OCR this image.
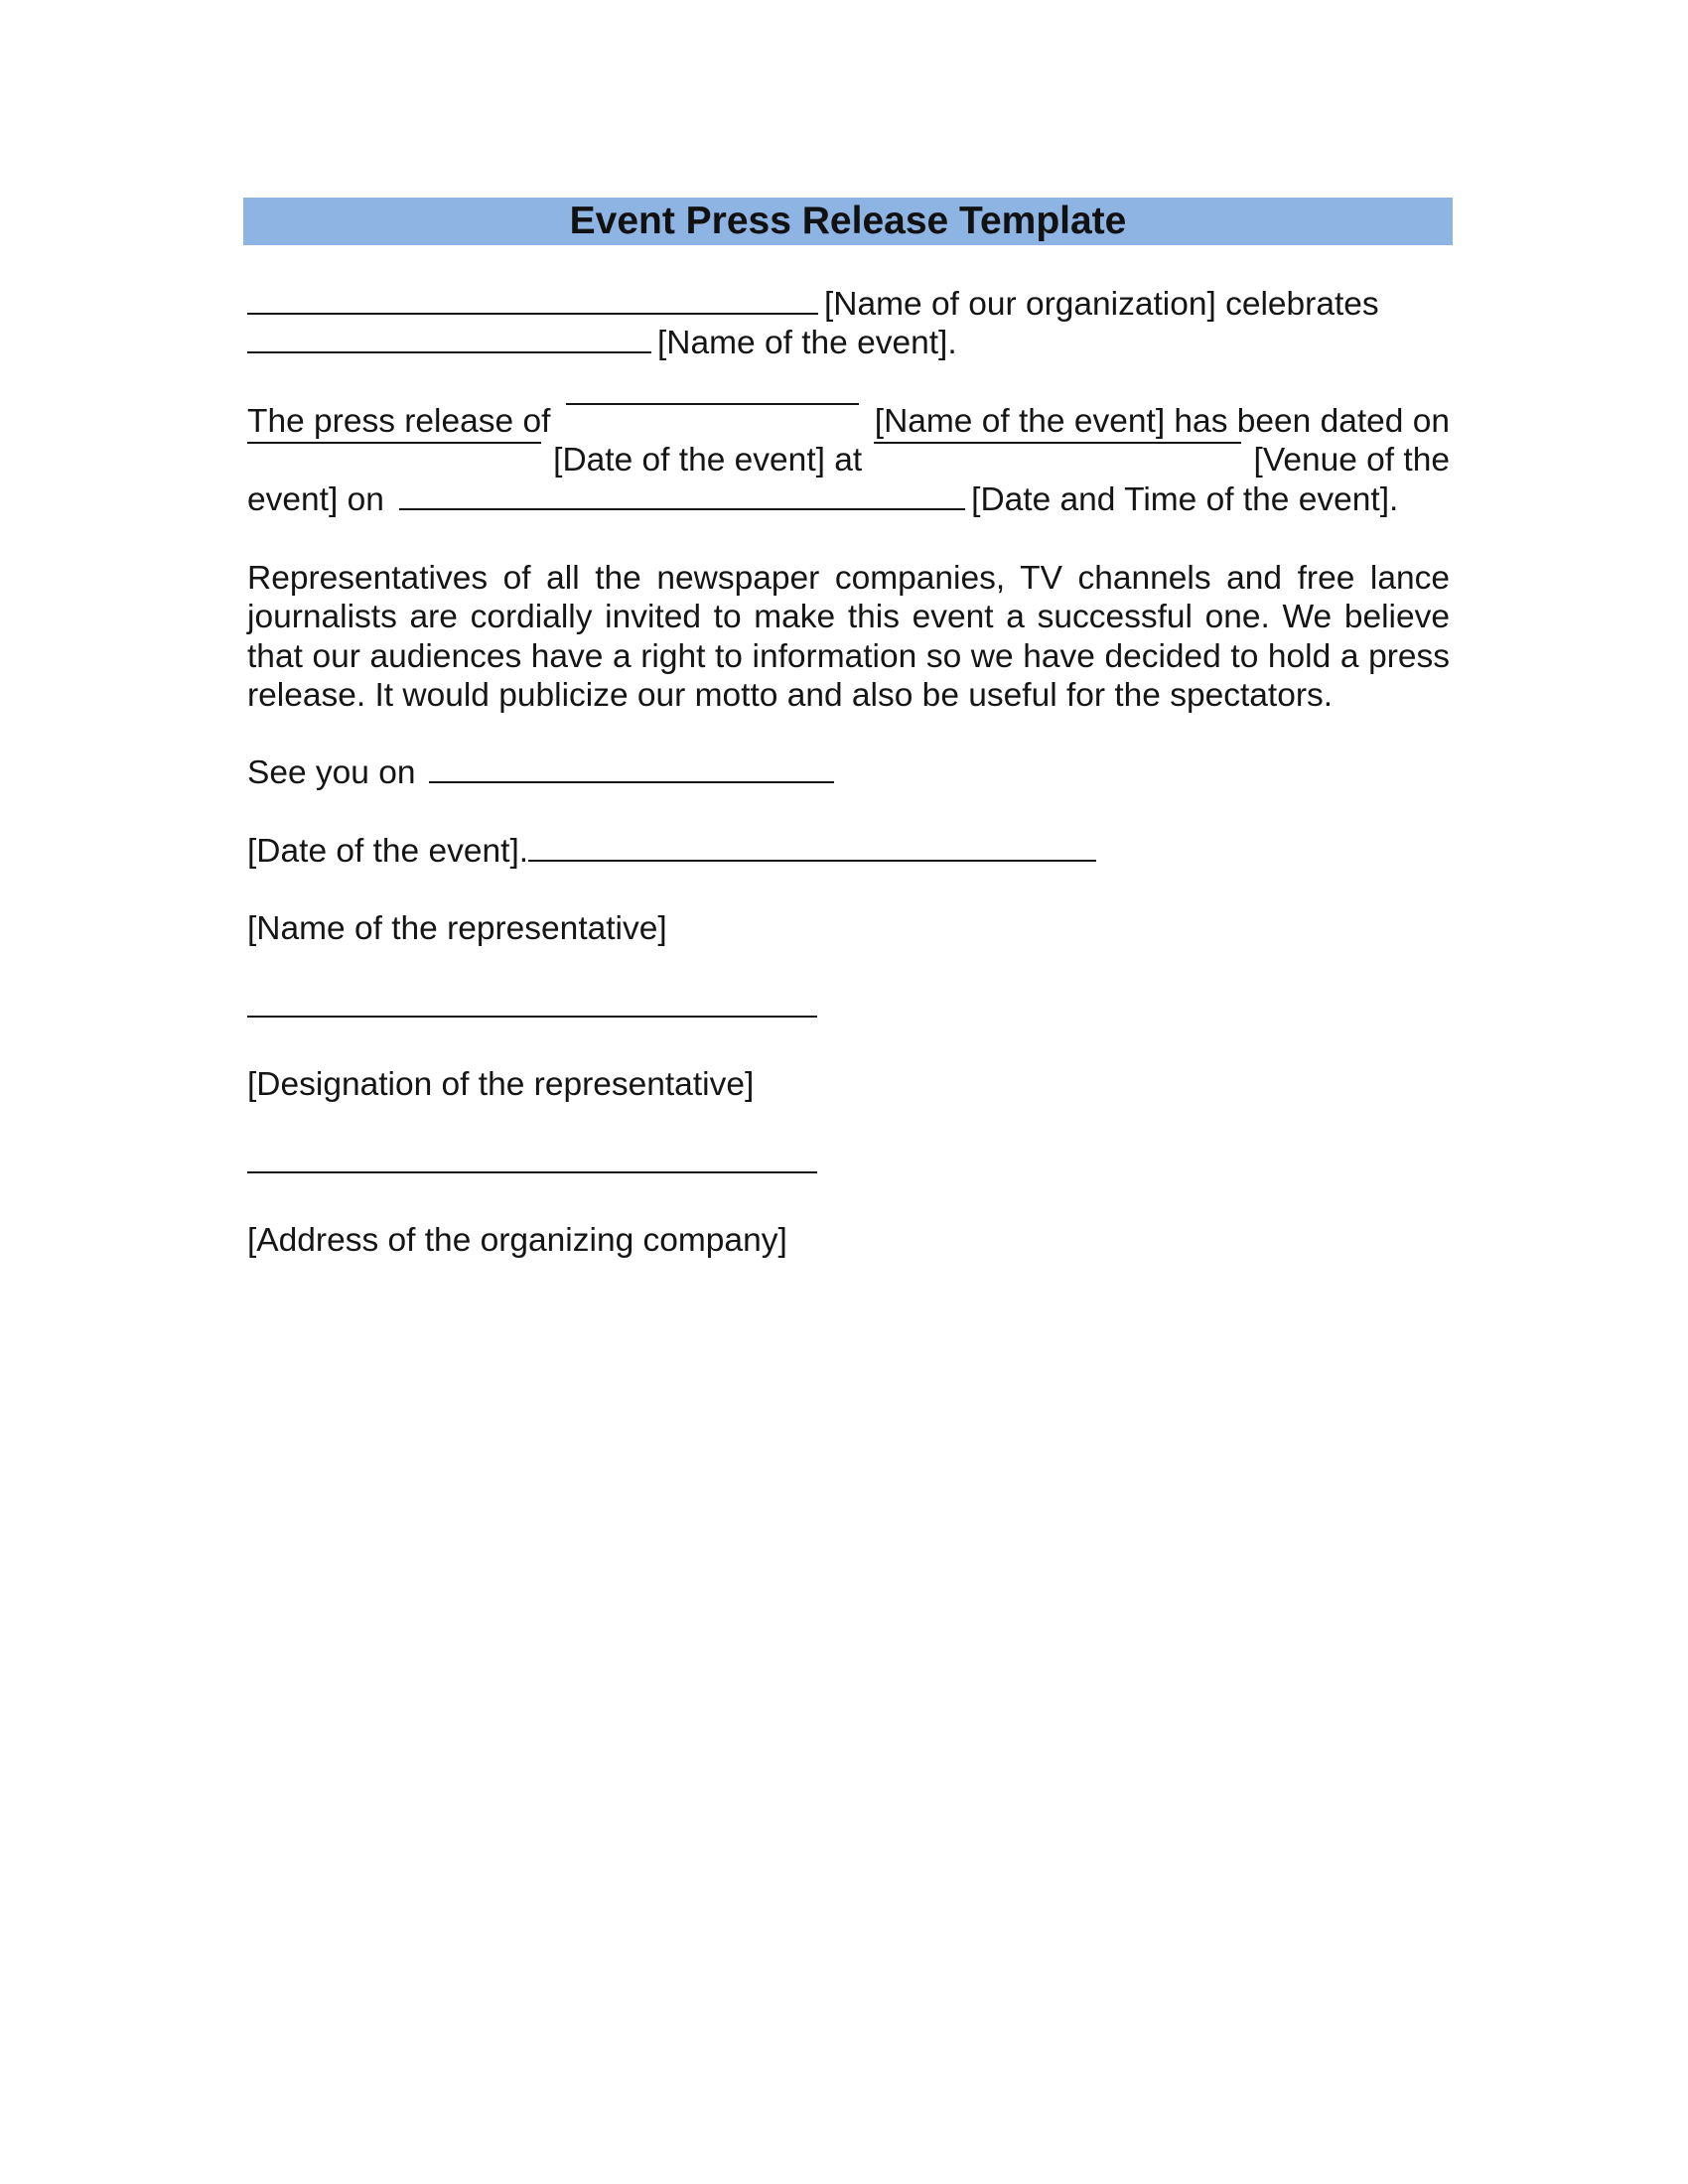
Event Press Release Template
[Name of our organization] celebrates
[Name of the event].
The press release of	[Name of the event] has been dated on
[Date of the event] at	[Venue of the
event] on	[Date and Time of the event].

Representatives of all the newspaper companies, TV channels and free lance journalists are cordially invited to make this event a successful one. We believe that our audiences have a right to information so we have decided to hold a press release. It would publicize our motto and also be useful for the spectators.

See you on
[Date of the event].
[Name of the representative]
[Designation of the representative]
[Address of the organizing company]
